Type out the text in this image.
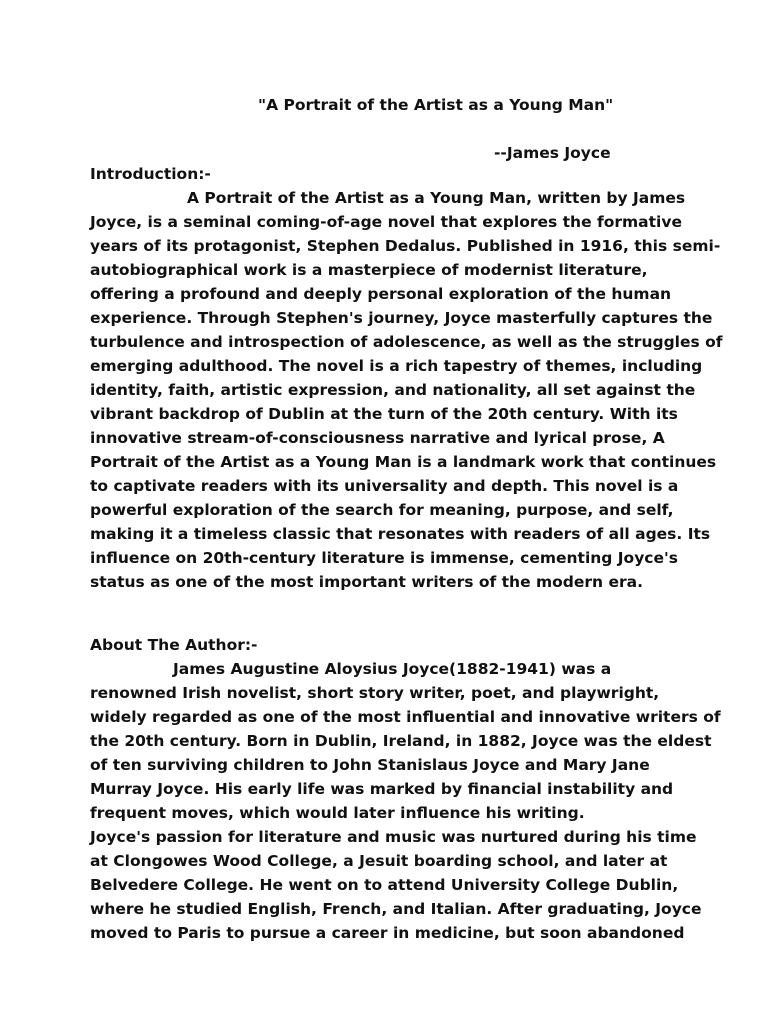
"A Portrait of the Artist as a Young Man"
--James Joyce

Introduction:-

A Portrait of the Artist as a Young Man, written by James

Joyce, is a seminal coming-of-age novel that explores the formative

years of its protagonist, Stephen Dedalus. Published in 1916, this semi-

autobiographical work is a masterpiece of modernist literature,

offering a profound and deeply personal exploration of the human

experience. Through Stephen's journey, Joyce masterfully captures the

turbulence and introspection of adolescence, as well as the struggles of

emerging adulthood. The novel is a rich tapestry of themes, including

identity, faith, artistic expression, and nationality, all set against the

vibrant backdrop of Dublin at the turn of the 20th century. With its

innovative stream-of-consciousness narrative and lyrical prose, A

Portrait of the Artist as a Young Man is a landmark work that continues

to captivate readers with its universality and depth. This novel is a

powerful exploration of the search for meaning, purpose, and self,

making it a timeless classic that resonates with readers of all ages. Its

influence on 20th-century literature is immense, cementing Joyce's

status as one of the most important writers of the modern era.

About The Author:-

James Augustine Aloysius Joyce(1882-1941) was a

renowned Irish novelist, short story writer, poet, and playwright,

widely regarded as one of the most influential and innovative writers of

the 20th century. Born in Dublin, Ireland, in 1882, Joyce was the eldest

of ten surviving children to John Stanislaus Joyce and Mary Jane

Murray Joyce. His early life was marked by financial instability and

frequent moves, which would later influence his writing.

Joyce's passion for literature and music was nurtured during his time

at Clongowes Wood College, a Jesuit boarding school, and later at

Belvedere College. He went on to attend University College Dublin,

where he studied English, French, and Italian. After graduating, Joyce

moved to Paris to pursue a career in medicine, but soon abandoned
